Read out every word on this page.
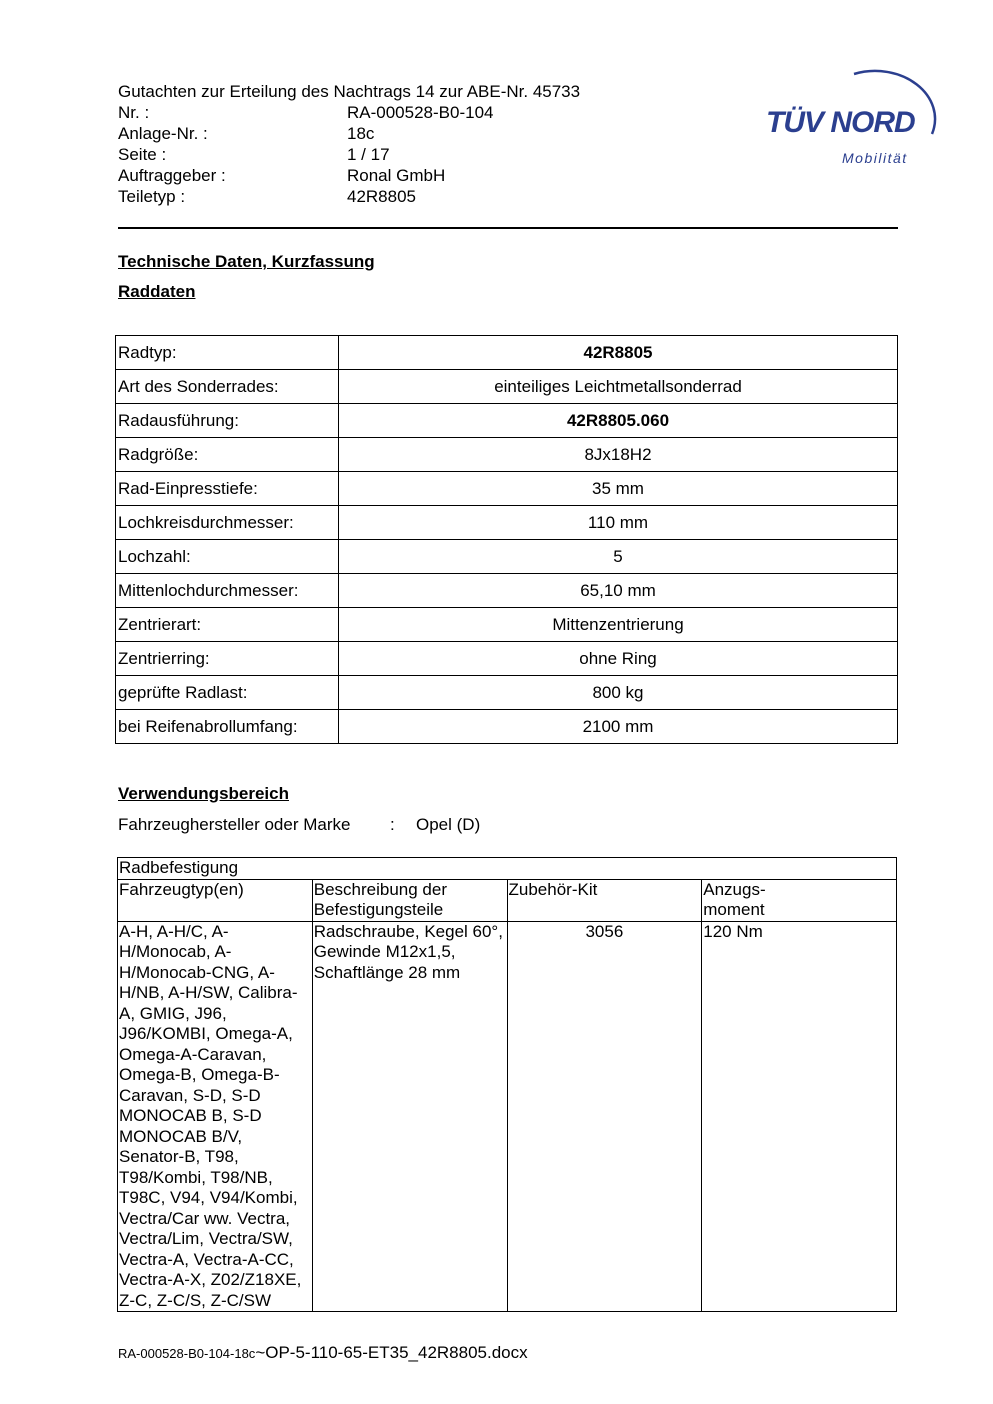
Gutachten zur Erteilung des Nachtrags 14 zur ABE-Nr. 45733
Nr. :	RA-000528-B0-104
Anlage-Nr. :	18c
Seite :	1 / 17
Auftraggeber :	Ronal GmbH
Teiletyp :	42R8805
TÜV NORD
Mobilität
Technische Daten, Kurzfassung
Raddaten
Radtyp:	42R8805
Art des Sonderrades:	einteiliges Leichtmetallsonderrad
Radausführung:	42R8805.060
Radgröße:	8Jx18H2
Rad-Einpresstiefe:	35 mm
Lochkreisdurchmesser:	110 mm
Lochzahl:	5
Mittenlochdurchmesser:	65,10 mm
Zentrierart:	Mittenzentrierung
Zentrierring:	ohne Ring
geprüfte Radlast:	800 kg
bei Reifenabrollumfang:	2100 mm
Verwendungsbereich
Fahrzeughersteller oder Marke	:	Opel (D)
Radbefestigung			
Fahrzeugtyp(en)	Beschreibung der Befestigungsteile	Zubehör-Kit	Anzugs-
moment
A-H, A-H/C, A-H/Monocab, A-H/Monocab-CNG, A-H/NB, A-H/SW, Calibra-A, GMIG, J96, J96/KOMBI, Omega-A, Omega-A-Caravan, Omega-B, Omega-B-Caravan, S-D, S-D MONOCAB B, S-D MONOCAB B/V, Senator-B, T98, T98/Kombi, T98/NB, T98C, V94, V94/Kombi, Vectra/Car ww. Vectra, Vectra/Lim, Vectra/SW, Vectra-A, Vectra-A-CC, Vectra-A-X, Z02/Z18XE, Z-C, Z-C/S, Z-C/SW	Radschraube, Kegel 60°, Gewinde M12x1,5, Schaftlänge 28 mm	3056	120 Nm
RA-000528-B0-104-18c~OP-5-110-65-ET35_42R8805.docx
